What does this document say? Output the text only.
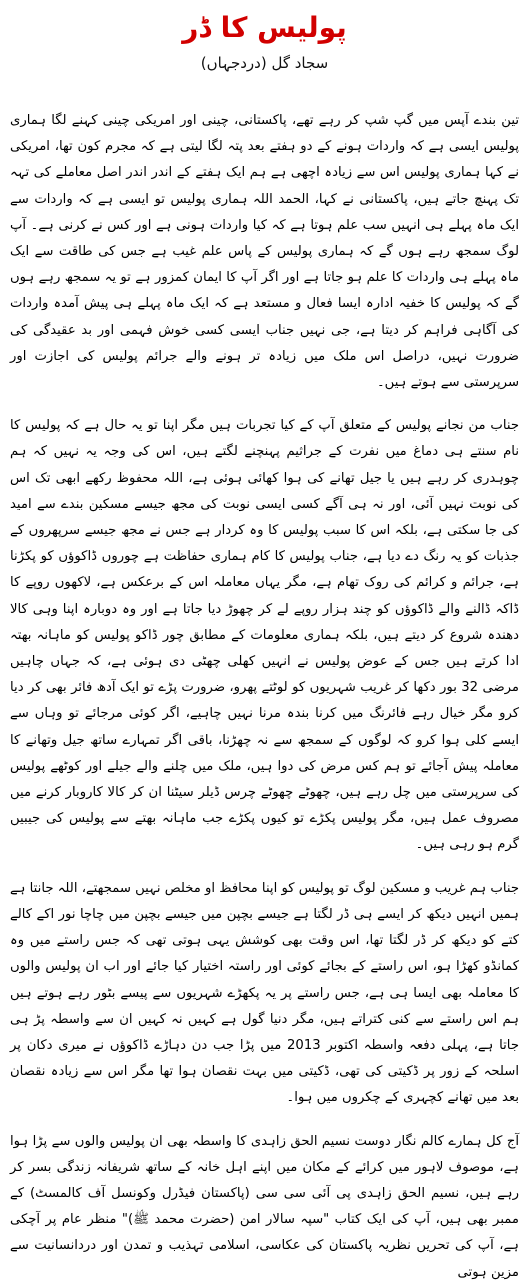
پولیس کا ڈر
سجاد گل (دردجہاں)

تین بندے آپس میں گپ شپ کر رہے تھے، پاکستانی، چینی اور امریکی چینی کہنے لگا ہماری پولیس ایسی ہے کہ واردات ہونے کے دو ہفتے بعد پتہ لگا لیتی ہے کہ مجرم کون تھا، امریکی نے کہا ہماری پولیس اس سے زیادہ اچھی ہے ہم ایک ہفتے کے اندر اندر اصل معاملے کی تہہ تک پہنچ جاتے ہیں، پاکستانی نے کہا، الحمد اللہ ہماری پولیس تو ایسی ہے کہ واردات سے ایک ماہ پہلے ہی انہیں سب علم ہوتا ہے کہ کیا واردات ہونی ہے اور کس نے کرنی ہے۔ آپ لوگ سمجھ رہے ہوں گے کہ ہماری پولیس کے پاس علم غیب ہے جس کی طاقت سے ایک ماہ پہلے ہی واردات کا علم ہو جاتا ہے اور اگر آپ کا ایمان کمزور ہے تو یہ سمجھ رہے ہوں گے کہ پولیس کا خفیہ ادارہ ایسا فعال و مستعد ہے کہ ایک ماہ پہلے ہی پیش آمدہ واردات کی آگاہی فراہم کر دیتا ہے، جی نہیں جناب ایسی کسی خوش فہمی اور بد عقیدگی کی ضرورت نہیں، دراصل اس ملک میں زیادہ تر ہونے والے جرائم پولیس کی اجازت اور سرپرستی سے ہوتے ہیں۔

جناب من نجانے پولیس کے متعلق آپ کے کیا تجربات ہیں مگر اپنا تو یہ حال ہے کہ پولیس کا نام سنتے ہی دماغ میں نفرت کے جراثیم پہنچنے لگتے ہیں، اس کی وجہ یہ نہیں کہ ہم چوہدری کر رہے ہیں یا جیل تھانے کی ہوا کھائی ہوئی ہے، اللہ محفوظ رکھے ابھی تک اس کی نوبت نہیں آئی، اور نہ ہی آگے کسی ایسی نوبت کی مجھ جیسے مسکین بندے سے امید کی جا سکتی ہے، بلکہ اس کا سبب پولیس کا وہ کردار ہے جس نے مجھ جیسے سرپھروں کے جذبات کو یہ رنگ دے دیا ہے، جناب پولیس کا کام ہماری حفاظت ہے چوروں ڈاکوؤں کو پکڑنا ہے، جرائم و کرائم کی روک تھام ہے، مگر یہاں معاملہ اس کے برعکس ہے، لاکھوں روپے کا ڈاکہ ڈالنے والے ڈاکوؤں کو چند ہزار روپے لے کر چھوڑ دیا جاتا ہے اور وہ دوبارہ اپنا وہی کالا دھندہ شروع کر دیتے ہیں، بلکہ ہماری معلومات کے مطابق چور ڈاکو پولیس کو ماہانہ بھتہ ادا کرتے ہیں جس کے عوض پولیس نے انہیں کھلی چھٹی دی ہوئی ہے، کہ جہاں چاہیں مرضی 32 بور دکھا کر غریب شہریوں کو لوٹتے پھرو، ضرورت پڑے تو ایک آدھ فائر بھی کر دیا کرو مگر خیال رہے فائرنگ میں کرنا بندہ مرنا نہیں چاہیے، اگر کوئی مرجائے تو وہاں سے ایسے کلی ہوا کرو کہ لوگوں کے سمجھ سے نہ چھڑنا، باقی اگر تمہارے ساتھ جیل وتھانے کا معاملہ پیش آجائے تو ہم کس مرض کی دوا ہیں، ملک میں چلنے والے جیلے اور کوٹھے پولیس کی سرپرستی میں چل رہے ہیں، چھوٹے چھوٹے چرس ڈیلر سیٹنا ان کر کالا کاروبار کرنے میں مصروف عمل ہیں، مگر پولیس پکڑے تو کیوں پکڑے جب ماہانہ بھتے سے پولیس کی جیبیں گرم ہو رہی ہیں۔

جناب ہم غریب و مسکین لوگ تو پولیس کو اپنا محافظ او مخلص نہیں سمجھتے، اللہ جانتا ہے ہمیں انہیں دیکھ کر ایسے ہی ڈر لگتا ہے جیسے بچپن میں جیسے بچپن میں چاچا نور اکے کالے کتے کو دیکھ کر ڈر لگتا تھا، اس وقت بھی کوشش یہی ہوتی تھی کہ جس راستے میں وہ کمانڈو کھڑا ہو، اس راستے کے بجائے کوئی اور راستہ اختیار کیا جائے اور اب ان پولیس والوں کا معاملہ بھی ایسا ہی ہے، جس راستے پر یہ پکھڑے شہریوں سے پیسے بٹور رہے ہوتے ہیں ہم اس راستے سے کنی کتراتے ہیں، مگر دنیا گول ہے کہیں نہ کہیں ان سے واسطہ پڑ ہی جاتا ہے، پہلی دفعہ واسطہ اکتوبر 2013 میں پڑا جب دن دہاڑے ڈاکوؤں نے میری دکان پر اسلحہ کے زور پر ڈکیتی کی تھی، ڈکیتی میں بہت نقصان ہوا تھا مگر اس سے زیادہ نقصان بعد میں تھانے کچہری کے چکروں میں ہوا۔

آج کل ہمارے کالم نگار دوست نسیم الحق زاہدی کا واسطہ بھی ان پولیس والوں سے پڑا ہوا ہے، موصوف لاہور میں کرائے کے مکان میں اپنے اہل خانہ کے ساتھ شریفانہ زندگی بسر کر رہے ہیں، نسیم الحق زاہدی پی آئی سی سی (پاکستان فیڈرل وکونسل آف کالمسٹ) کے ممبر بھی ہیں، آپ کی ایک کتاب "سپہ سالار امن (حضرت محمد ﷺ)" منظر عام پر آچکی ہے، آپ کی تحریں نظریہ پاکستان کی عکاسی، اسلامی تہذیب و تمدن اور دردانسانیت سے مزین ہوتی
